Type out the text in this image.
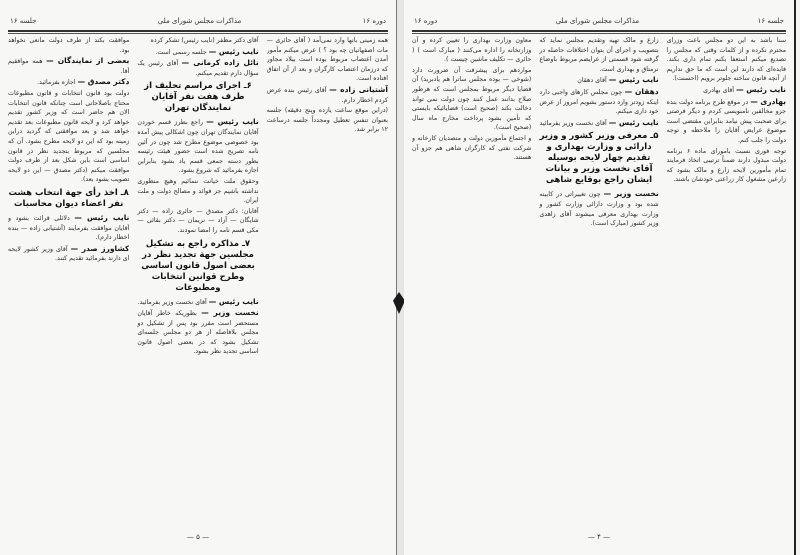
جلسه ۱۶	مذاکرات مجلس شورای ملی	دوره ۱۶

همه زمینی بانها وارد نمی‌آمد ( آقای حائری — مات اصفهانیان چه بود ؟ ) عرض میکنم مأمور آمدن اعتصاب مربوط بوده است بیلاد مجاور که درزمان اعتصاب کارگران و بعد از آن اتفاق افتاده است.

آشتیانی زاده — آقای رئیس بنده عرض کردم اخطار دارم.

(دراین موقع ساعت یازده وپنج دقیقه) جلسه بعنوان تنفس تعطیل ومجدداً جلسه درساعت ۱۲ برابر شد.

آقای دکتر مظفر (نایب رئیس) تشکر کرده

نایب رئیس — جلسه رسمی است.

نائل زاده کرمانی — آقای رئیس یک سؤال دارم تقدیم میکنم.

۶ـ اجرای مراسم تحلیف از طرف هفت نفر آقایان نمایندگان تهران

نایب رئیس — راجع بطرز قسم خوردن آقایان نمایندگان تهران چون اشکالی پیش آمده بود خصوصی موضوع مطرح شد چون در آئین نامه تصریح شده است حضور هیئت رئیسه بطور دسته جمعی قسم یاد بشود بنابراین اجازه بفرمائید که شروع بشود.

وحقوق ملت خیانت ننمائیم وهیچ منظوری نداشته باشیم جز فوائد و مصالح دولت و ملت ایران.

آقایان: دکتر مصدق — حائری زاده — دکتر شایگان — آزاد — نریمان — دکتر بقائی — مکی قسم نامه را امضا نمودند.

۷ـ مذاکره راجع به تشکیل مجلسین جهة تجدید نظر در بعضی اصول قانون اساسی وطرح قوانین انتخابات ومطبوعات

نایب رئیس — آقای نخست وزیر بفرمائید.

نخست وزیر — بطوریکه خاطر آقایان مستحضر است مقرر بود پس از تشکیل دو مجلس بلافاصله از هر دو مجلس جلسه‌ای تشکیل بشود که در بعضی اصول قانون اساسی تجدید نظر بشود.

موافقت بکند از طرف دولت مانعی نخواهد بود.

بعضی از نمایندگان — همه موافقیم آقا.

دکتر مصدق — اجازه بفرمائید.

دولت بود قانون انتخابات و قانون مطبوعات محتاج باصلاحاتی است چنانکه قانون انتخابات الان هم حاضر است که وزیر کشور تقدیم خواهد کرد و لایحه قانون مطبوعات بعد تقدیم خواهد شد و بعد موافقتی که گردید دراین زمینه بود که این دو لایحه مطرح بشود. آن که مجلسین که مربوط بتجدید نظر در قانون اساسی است باین شکل بعد از طرف دولت موافقت میکنم (دکتر مصدق — این دو لایحه تصویب بشود بعد).

۸ـ اخذ رأی جهة انتخاب هشت نفر اعضاء دیوان محاسبات

نایب رئیس — دلائلی قرائت بشود و آقایان موافقت بفرمایند (آشتیانی زاده — بنده اخطار دارم).

کشاورز صدر — آقای وزیر کشور لایحه ای دارند بفرمائید تقدیم کنند.

— ۵ —
دوره ۱۶	مذاکرات مجلس شورای ملی	جلسه ۱۶

سنا باشد به این دو مجلس باعث وزرای محترم نکرده و از کلمات وقتی که مجلس را تصدیع میکنم استعفا بکنم تمام داری بکند. فایده‌ای که دارند این است که ما حق نداریم از آنچه قانون ساخته جلوتر برویم (احسنت).

نایب رئیس — آقای بهادری

بهادری — در موقع طرح برنامه دولت بنده جزو مخالفین نامنویسی کردم و دیگر فرصتی برای صحبت پیش نیامد بنابراین مقتضی است موضوع عرایض آقایان را ملاحظه و توجه دولت را جلب کنم.

توجه فوری نسبت بامورای ماده ۶ برنامه دولت مبذول دارند ضمناً ترتیبی اتخاذ فرمایند تمام مأمورین لایحه زارع و مالک بشود که زارعین مشغول کار زراعتی خودشان باشند.

زارع و مالک تهیه وتقدیم مجلس نماید که بتصویب و اجرای آن بتوان اختلافات حاصله در گرفته شود قسمتی از عرایضم مربوط باوضاع نرمتاق و بهداری است.

نایب رئیس — آقای دهقان

دهقان — چون مجلس کارهای واجبی دارد اینکه زودتر وارد دستور بشویم امروز از عرض خود داری میکنم.

نایب رئیس — آقای نخست وزیر بفرمائید

۵ـ معرفی وزیر کشور و وزیر دارائی و وزارت بهداری و تقدیم چهار لایحه بوسیله آقای نخست وزیر و بیانات ایشان راجع بوقایع شاهی

نخست وزیر — چون تغییراتی در کابینه شده بود و وزارت دارائی وزارت کشور و وزارت بهداری معرفی میشوند آقای زاهدی وزیر کشور (مبارک است).

معاون وزارت بهداری را تعیین کرده و آن وزارتخانه را اداره می‌کنند ( مبارک است ) ( حائری — تکلیف ماشین چیست ).

مواردهم برای پیشرفت آن ضرورت دارد (شوخی — بوده مجلس ساترا هم یادبرید) آن قضایا دیگر مربوط بمجلس است که هرطور صلاح بدانند عمل کنند چون دولت نمی تواند دخالت بکند (صحیح است) قضایائیکه بایستی که تأمین بشود پرداخت مخارج ماه سال (صحیح است).

و اجتماع مأمورین دولت و متصدیان کارخانه و شرکت نفتی که کارگران شاهی هم جزو آن هستند.

— ۴ —
